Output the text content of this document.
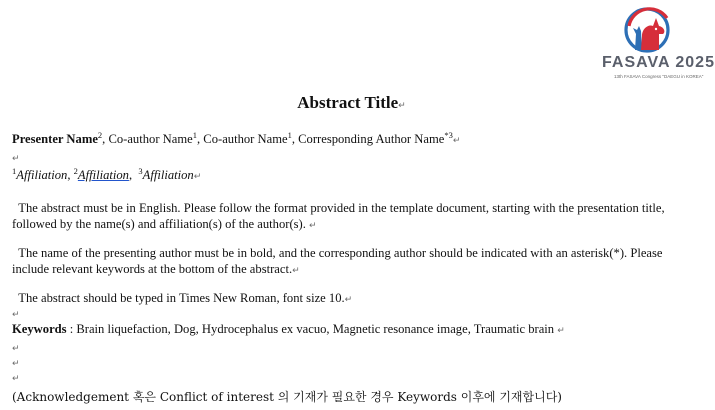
FASAVA 2025
13th FASAVA Congress "DAEGU in KOREA"
Abstract Title↵
Presenter Name$^2$, Co-author Name$^1$, Co-author Name$^1$, Corresponding Author Name$^{*3}$↵
↵
$^1$Affiliation, $^2$Affiliation,  $^3$Affiliation↵
The abstract must be in English. Please follow the format provided in the template document, starting with the presentation title, followed by the name(s) and affiliation(s) of the author(s). ↵
The name of the presenting author must be in bold, and the corresponding author should be indicated with an asterisk(*). Please include relevant keywords at the bottom of the abstract.↵
The abstract should be typed in Times New Roman, font size 10.↵
↵
Keywords : Brain liquefaction, Dog, Hydrocephalus ex vacuo, Magnetic resonance image, Traumatic brain ↵
↵
↵
↵
(Acknowledgement 혹은 Conflict of interest 의 기재가 필요한 경우 Keywords 이후에 기재합니다)
